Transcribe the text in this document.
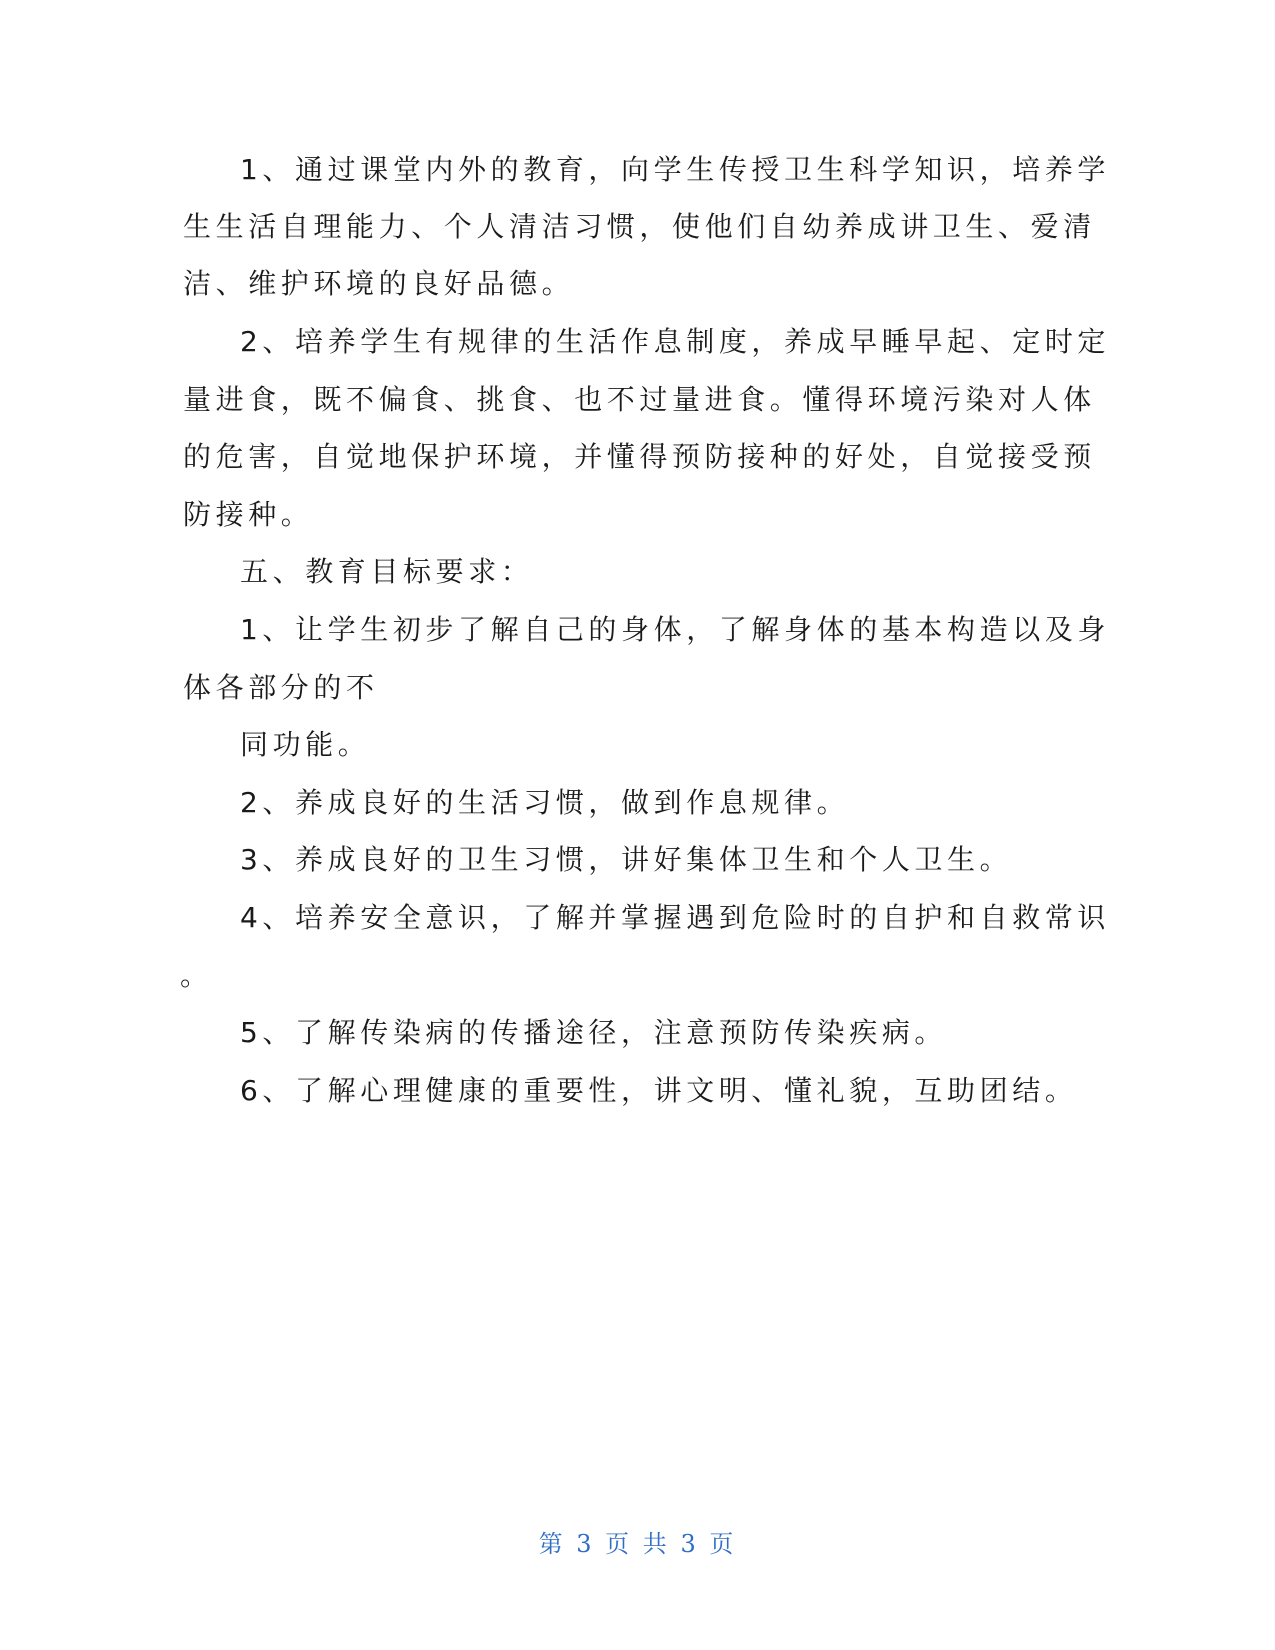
1、通过课堂内外的教育，向学生传授卫生科学知识，培养学
生生活自理能力、个人清洁习惯，使他们自幼养成讲卫生、爱清
洁、维护环境的良好品德。
2、培养学生有规律的生活作息制度，养成早睡早起、定时定
量进食，既不偏食、挑食、也不过量进食。懂得环境污染对人体
的危害，自觉地保护环境，并懂得预防接种的好处，自觉接受预
防接种。
五、教育目标要求：
1、让学生初步了解自己的身体，了解身体的基本构造以及身
体各部分的不
同功能。
2、养成良好的生活习惯，做到作息规律。
3、养成良好的卫生习惯，讲好集体卫生和个人卫生。
4、培养安全意识，了解并掌握遇到危险时的自护和自救常识
。
5、了解传染病的传播途径，注意预防传染疾病。
6、了解心理健康的重要性，讲文明、懂礼貌，互助团结。
第 3 页 共 3 页
